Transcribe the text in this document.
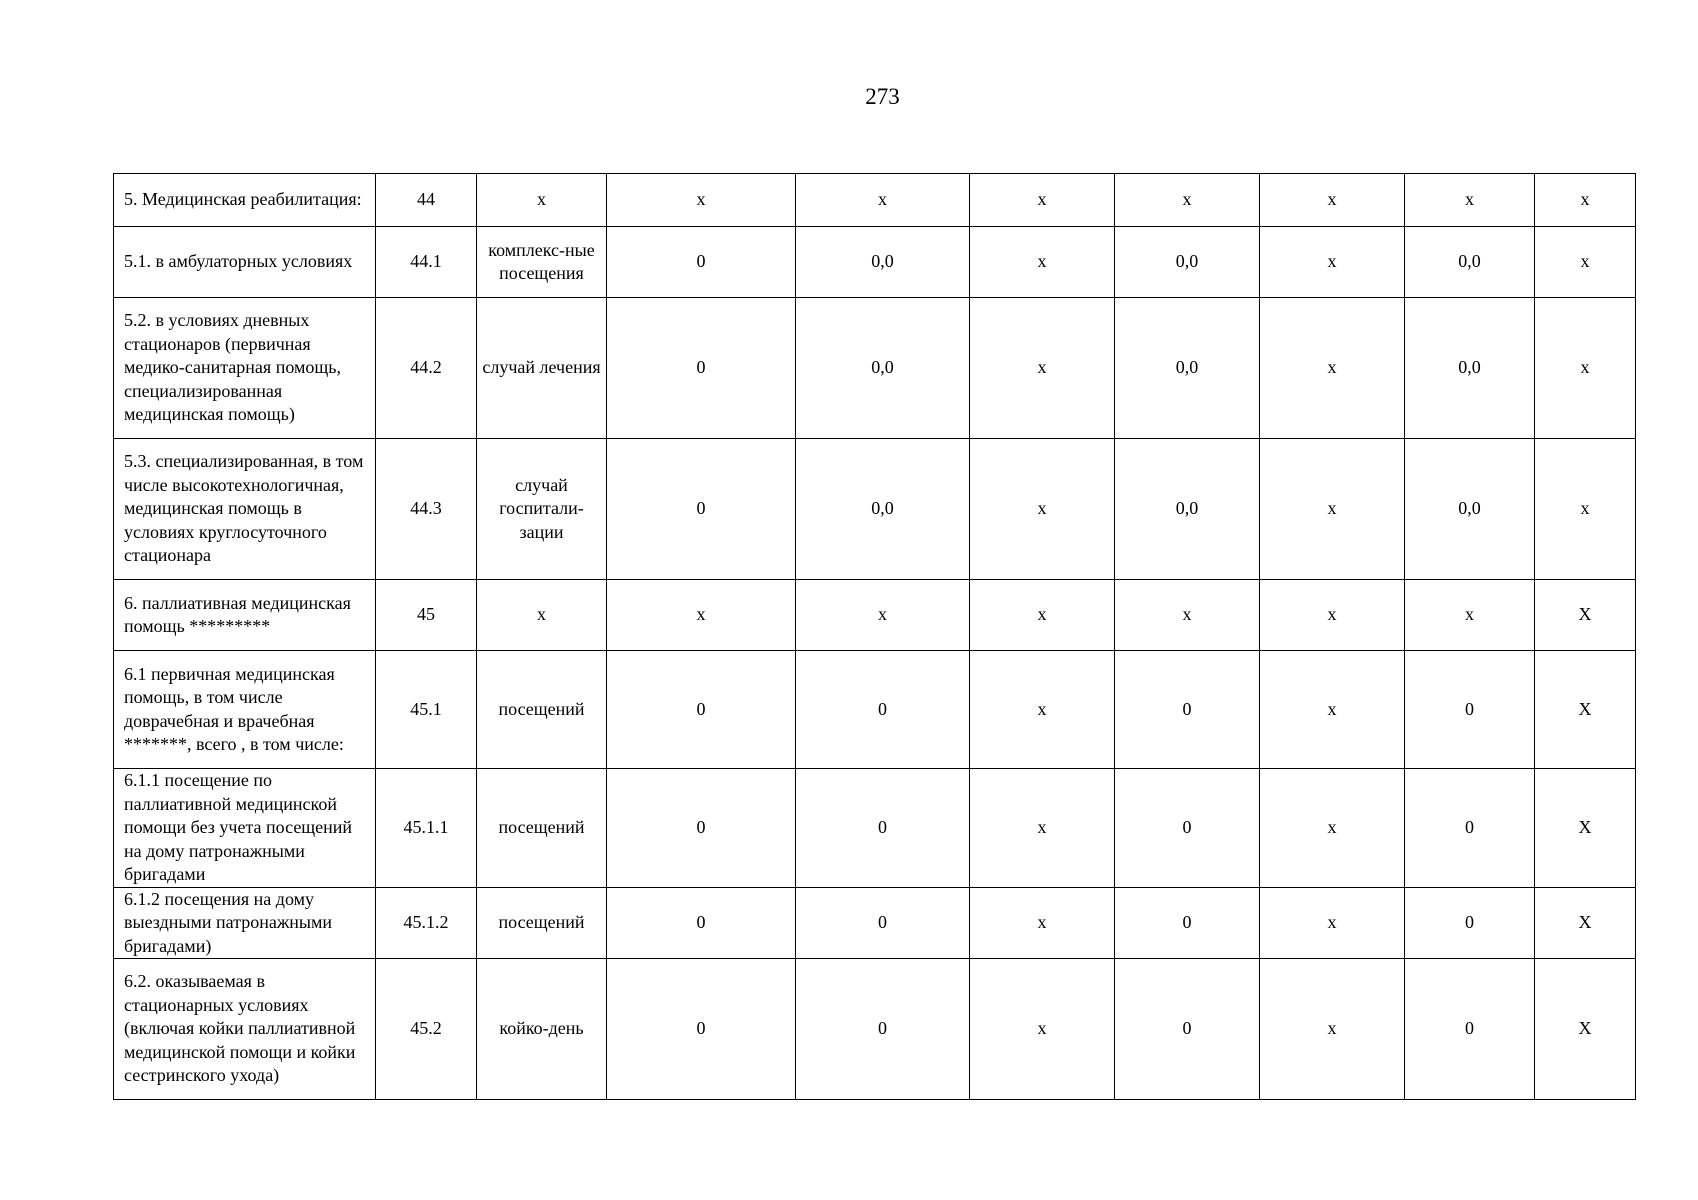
273
5. Медицинская реабилитация:	44	х	х	х	х	х	х	х	х
5.1. в амбулаторных условиях	44.1	комплекс-ные посещения	0	0,0	х	0,0	х	0,0	х
5.2. в условиях дневных стационаров (первичная медико-санитарная помощь, специализированная медицинская помощь)	44.2	случай лечения	0	0,0	х	0,0	х	0,0	х
5.3. специализированная, в том числе высокотехнологичная, медицинская помощь в условиях круглосуточного стационара	44.3	случай госпитали-зации	0	0,0	х	0,0	х	0,0	х
6. паллиативная медицинская помощь *********	45	х	х	х	х	х	х	х	Х
6.1 первичная медицинская помощь, в том числе доврачебная и врачебная *******, всего , в том числе:	45.1	посещений	0	0	х	0	х	0	Х
6.1.1 посещение по паллиативной медицинской помощи без учета посещений на дому патронажными бригадами	45.1.1	посещений	0	0	х	0	х	0	Х
6.1.2 посещения на дому выездными патронажными бригадами)	45.1.2	посещений	0	0	х	0	х	0	Х
6.2. оказываемая в стационарных условиях (включая койки паллиативной медицинской помощи и койки сестринского ухода)	45.2	койко-день	0	0	х	0	х	0	Х
